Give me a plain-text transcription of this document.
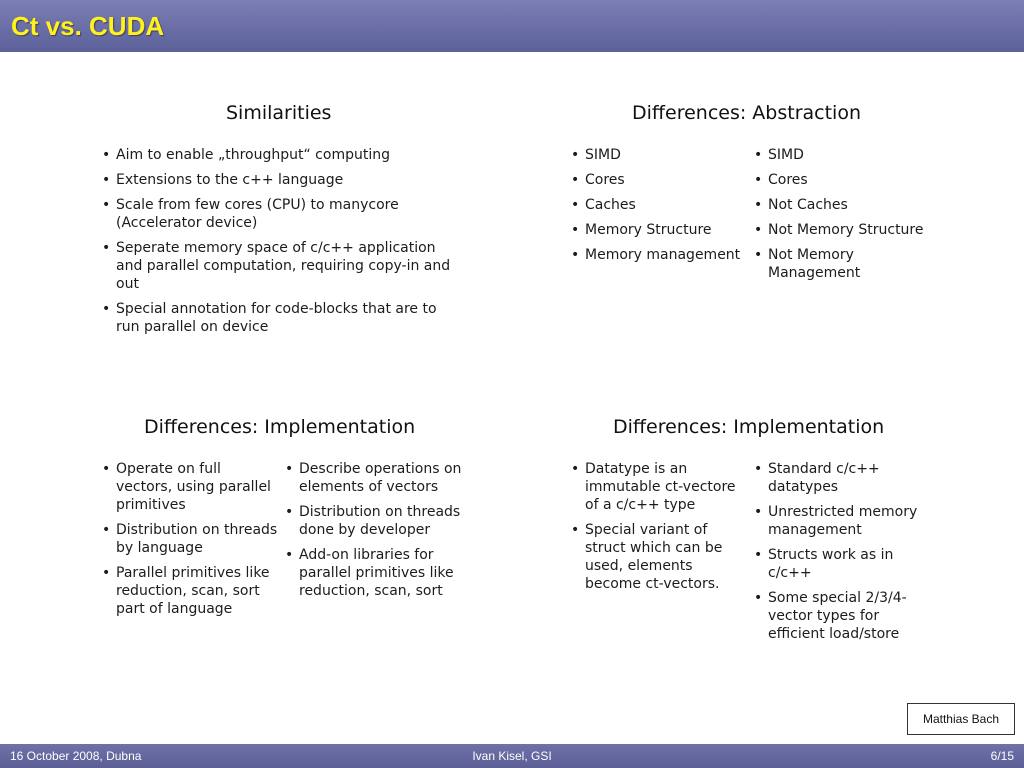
Ct vs. CUDA
Similarities
• Aim to enable „throughput“ computing
• Extensions to the c++ language
• Scale from few cores (CPU) to manycore (Accelerator device)
• Seperate memory space of c/c++ application and parallel computation, requiring copy-in and out
• Special annotation for code-blocks that are to run parallel on device
Differences: Abstraction
• SIMD
• Cores
• Caches
• Memory Structure
• Memory management
• SIMD
• Cores
• Not Caches
• Not Memory Structure
• Not Memory Management
Differences: Implementation
• Operate on full vectors, using parallel primitives
• Distribution on threads by language
• Parallel primitives like reduction, scan, sort part of language
• Describe operations on elements of vectors
• Distribution on threads done by developer
• Add-on libraries for parallel primitives like reduction, scan, sort
Differences: Implementation
• Datatype is an immutable ct-vectore of a c/c++ type
• Special variant of struct which can be used, elements become ct-vectors.
• Standard c/c++ datatypes
• Unrestricted memory management
• Structs work as in c/c++
• Some special 2/3/4-vector types for efficient load/store
Matthias Bach
16 October 2008, Dubna	Ivan Kisel, GSI	6/15
